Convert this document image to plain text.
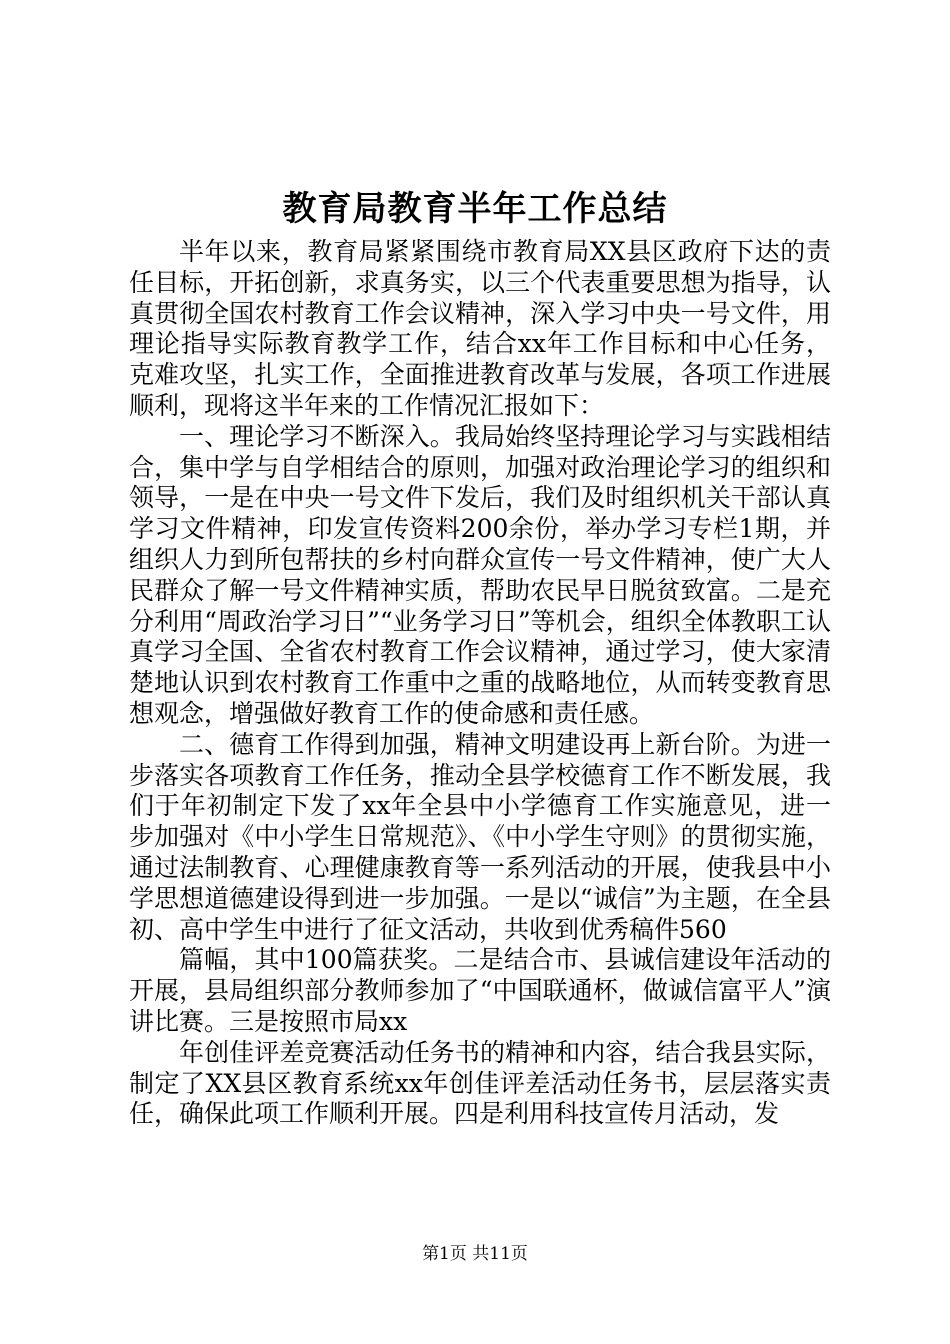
教育局教育半年工作总结

半年以来，教育局紧紧围绕市教育局XX县区政府下达的责任目标，开拓创新，求真务实，以三个代表重要思想为指导，认真贯彻全国农村教育工作会议精神，深入学习中央一号文件，用理论指导实际教育教学工作，结合xx年工作目标和中心任务，克难攻坚，扎实工作，全面推进教育改革与发展，各项工作进展顺利，现将这半年来的工作情况汇报如下：

一、理论学习不断深入。我局始终坚持理论学习与实践相结合，集中学与自学相结合的原则，加强对政治理论学习的组织和领导，一是在中央一号文件下发后，我们及时组织机关干部认真学习文件精神，印发宣传资料200余份，举办学习专栏1期，并组织人力到所包帮扶的乡村向群众宣传一号文件精神，使广大人民群众了解一号文件精神实质，帮助农民早日脱贫致富。二是充分利用“周政治学习日”“业务学习日”等机会，组织全体教职工认真学习全国、全省农村教育工作会议精神，通过学习，使大家清楚地认识到农村教育工作重中之重的战略地位，从而转变教育思想观念，增强做好教育工作的使命感和责任感。

二、德育工作得到加强，精神文明建设再上新台阶。为进一步落实各项教育工作任务，推动全县学校德育工作不断发展，我们于年初制定下发了xx年全县中小学德育工作实施意见，进一步加强对《中小学生日常规范》、《中小学生守则》的贯彻实施，通过法制教育、心理健康教育等一系列活动的开展，使我县中小学思想道德建设得到进一步加强。一是以“诚信”为主题，在全县初、高中学生中进行了征文活动，共收到优秀稿件560

篇幅，其中100篇获奖。二是结合市、县诚信建设年活动的开展，县局组织部分教师参加了“中国联通杯，做诚信富平人”演讲比赛。三是按照市局xx

年创佳评差竞赛活动任务书的精神和内容，结合我县实际，制定了XX县区教育系统xx年创佳评差活动任务书，层层落实责任，确保此项工作顺利开展。四是利用科技宣传月活动，发

第1页 共11页
